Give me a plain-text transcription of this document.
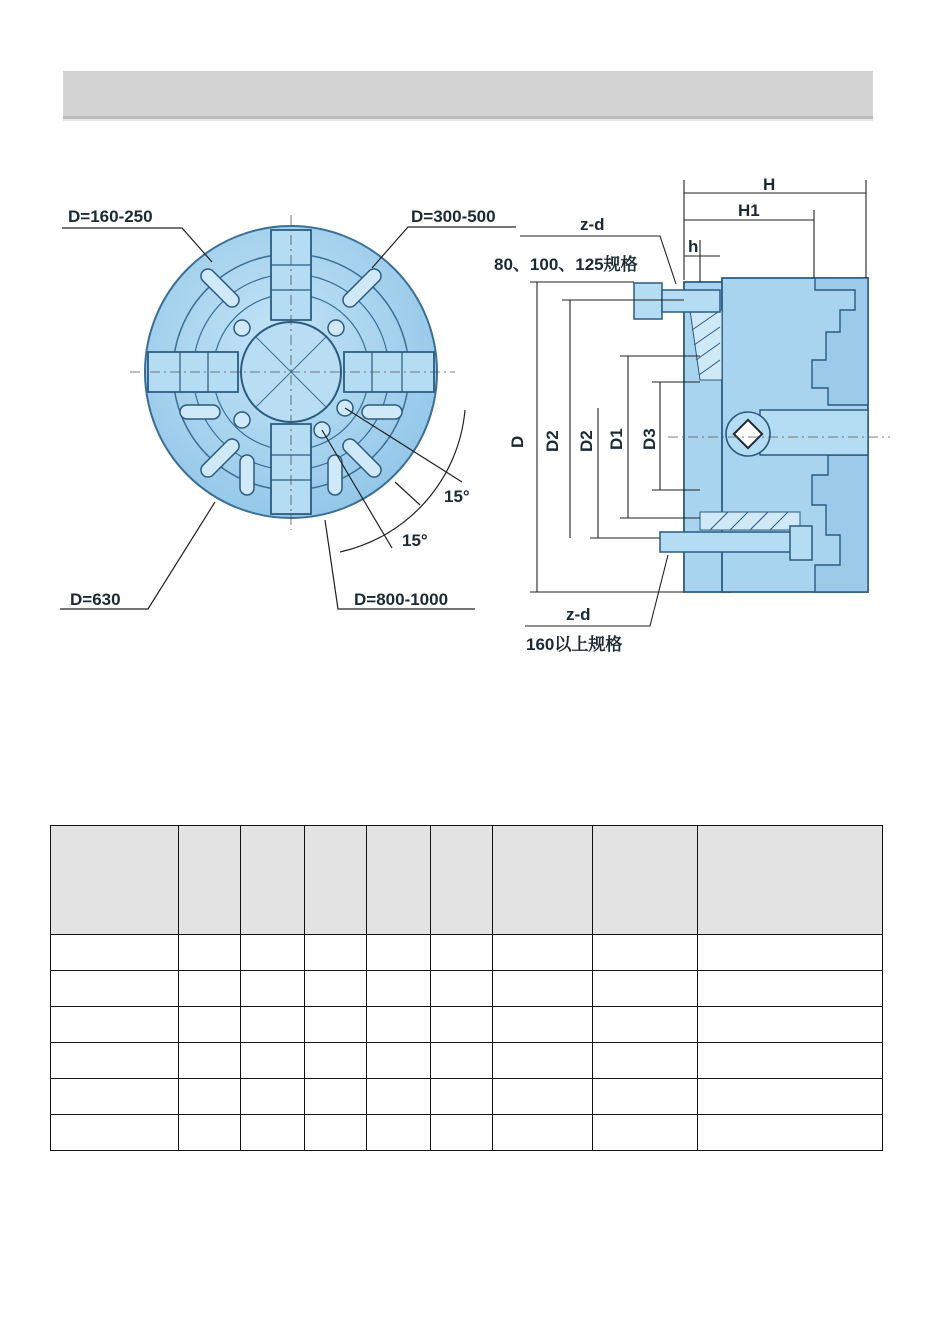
D=160-250	D=300-500
D=630	D=800-1000
15°
15°
H
H1
h
z-d
80、100、125规格
z-d
160以上规格
D D2 D2 D1 D3
